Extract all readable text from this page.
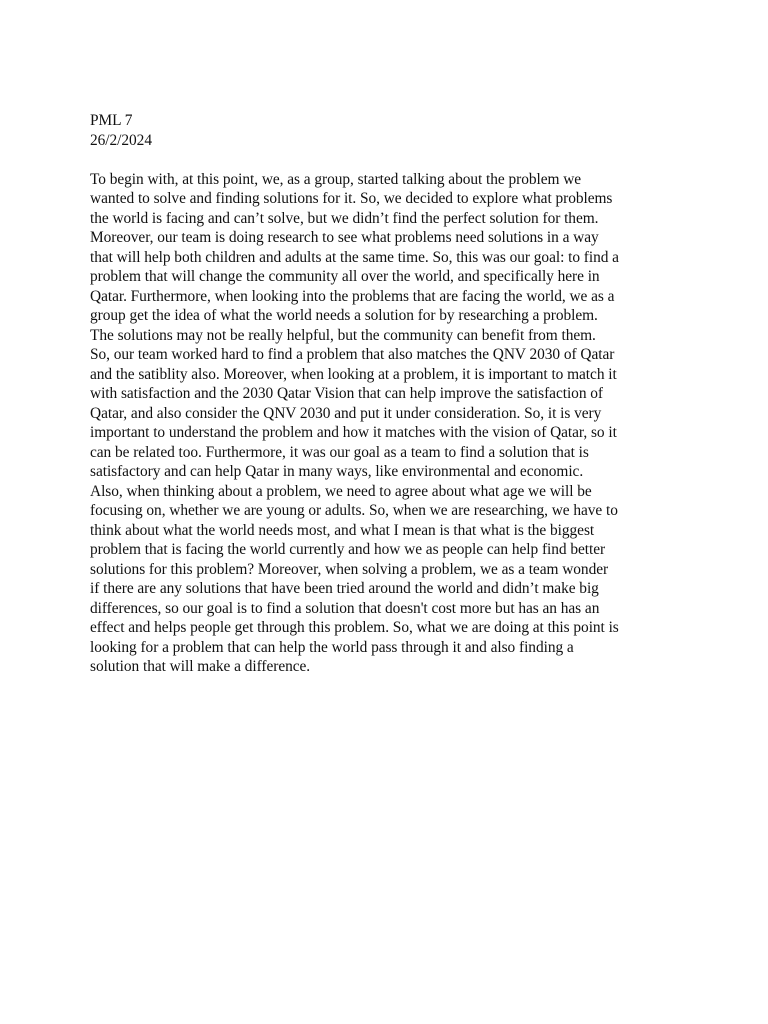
PML 7
26/2/2024
To begin with, at this point, we, as a group, started talking about the problem we
wanted to solve and finding solutions for it. So, we decided to explore what problems
the world is facing and can’t solve, but we didn’t find the perfect solution for them.
Moreover, our team is doing research to see what problems need solutions in a way
that will help both children and adults at the same time. So, this was our goal: to find a
problem that will change the community all over the world, and specifically here in
Qatar. Furthermore, when looking into the problems that are facing the world, we as a
group get the idea of what the world needs a solution for by researching a problem.
The solutions may not be really helpful, but the community can benefit from them.
So, our team worked hard to find a problem that also matches the QNV 2030 of Qatar
and the satiblity also. Moreover, when looking at a problem, it is important to match it
with satisfaction and the 2030 Qatar Vision that can help improve the satisfaction of
Qatar, and also consider the QNV 2030 and put it under consideration. So, it is very
important to understand the problem and how it matches with the vision of Qatar, so it
can be related too. Furthermore, it was our goal as a team to find a solution that is
satisfactory and can help Qatar in many ways, like environmental and economic.
Also, when thinking about a problem, we need to agree about what age we will be
focusing on, whether we are young or adults. So, when we are researching, we have to
think about what the world needs most, and what I mean is that what is the biggest
problem that is facing the world currently and how we as people can help find better
solutions for this problem? Moreover, when solving a problem, we as a team wonder
if there are any solutions that have been tried around the world and didn’t make big
differences, so our goal is to find a solution that doesn't cost more but has an has an
effect and helps people get through this problem. So, what we are doing at this point is
looking for a problem that can help the world pass through it and also finding a
solution that will make a difference.
